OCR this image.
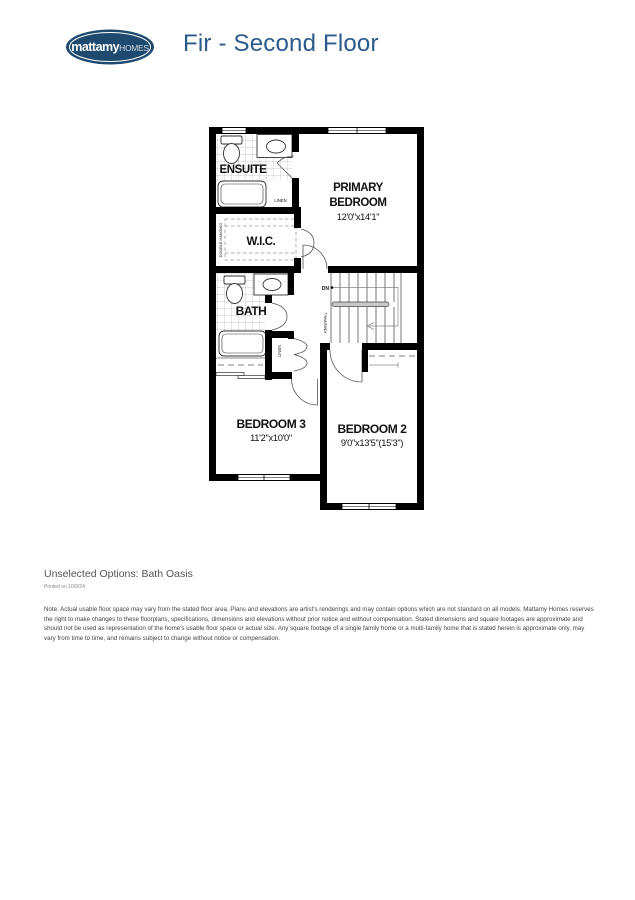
mattamyHOMES Fir - Second Floor
ENSUITE
LINEN
PRIMARY
BEDROOM
12'0"x14'1"
W.I.C.
DOUBLE HANGING
BATH
LINEN
DN
KNEEWALL
BEDROOM 3
11'2"x10'0"
BEDROOM 2
9'0"x13'5"(15'3")
Unselected Options: Bath Oasis
Printed on 10/9/24

Note: Actual usable floor space may vary from the stated floor area. Plans and elevations are artist's renderings and may contain options which are not standard on all models. Mattamy Homes reserves the right to make changes to these floorplans, specifications, dimensions and elevations without prior notice and without compensation. Stated dimensions and square footages are approximate and should not be used as representation of the home's usable floor space or actual size. Any square footage of a single family home or a multi-family home that is stated herein is approximate only, may vary from time to time, and remains subject to change without notice or compensation.
